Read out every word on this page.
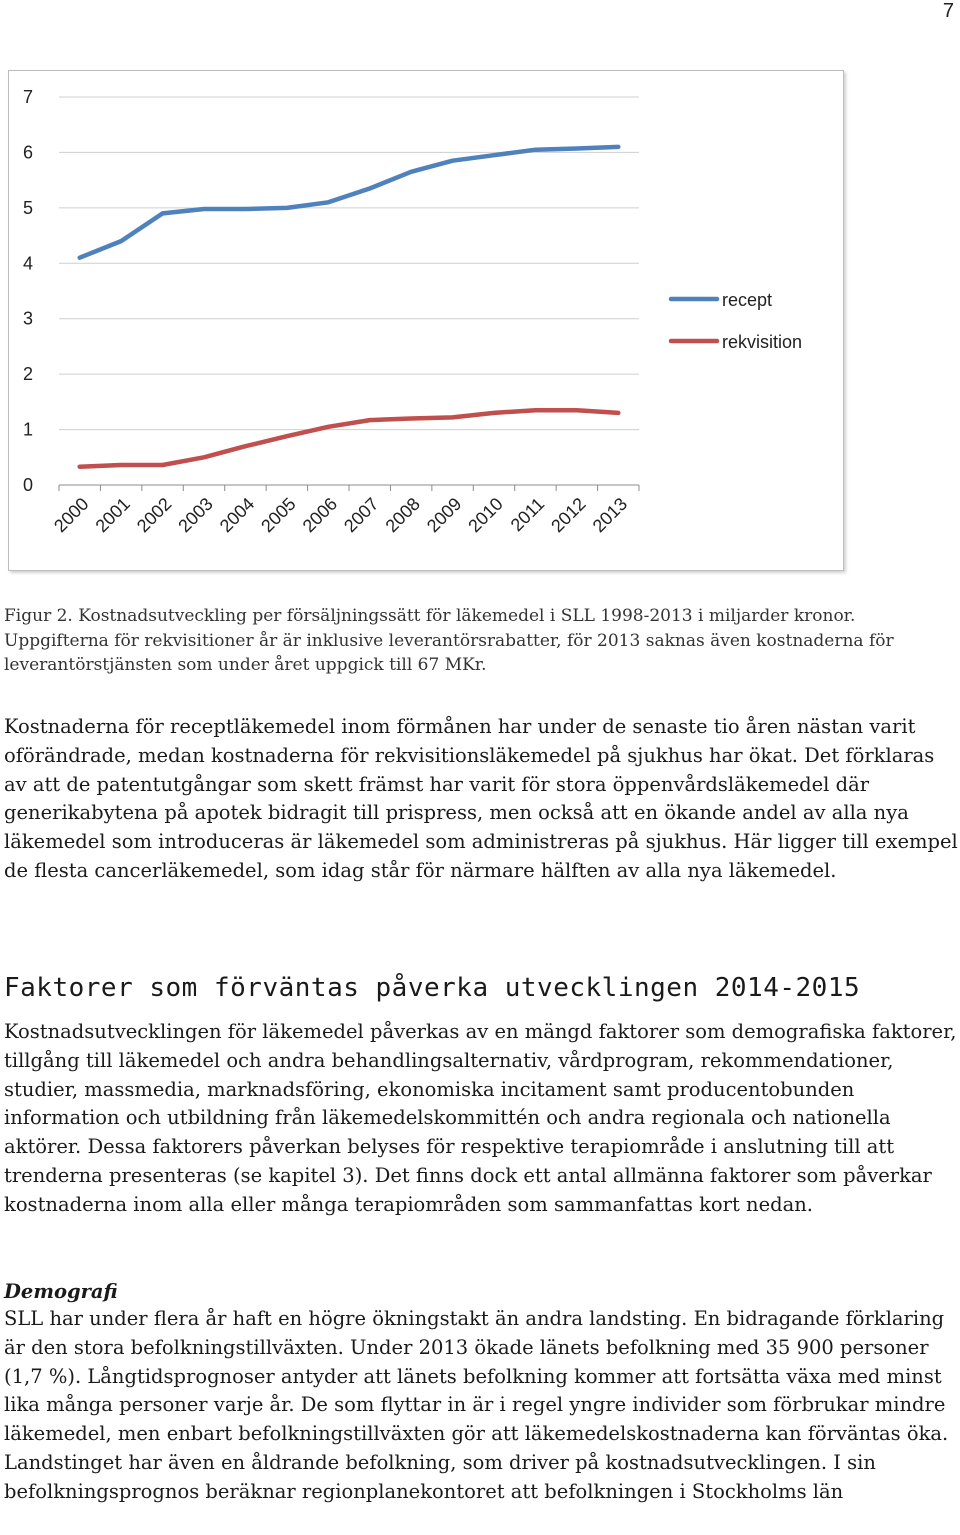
7
0
1
2
3
4
5
6
7
2000
2001
2002
2003
2004
2005
2006
2007
2008
2009
2010 2011
2012
2013
recept
rekvisition

Figur 2. Kostnadsutveckling per försäljningssätt för läkemedel i SLL 1998-2013 i miljarder kronor. Uppgifterna för rekvisitioner år är inklusive leverantörsrabatter, för 2013 saknas även kostnaderna för leverantörstjänsten som under året uppgick till 67 MKr.

Kostnaderna för receptläkemedel inom förmånen har under de senaste tio åren nästan varit oförändrade, medan kostnaderna för rekvisitionsläkemedel på sjukhus har ökat. Det förklaras av att de patentutgångar som skett främst har varit för stora öppenvårdsläkemedel där generikabytena på apotek bidragit till prispress, men också att en ökande andel av alla nya läkemedel som introduceras är läkemedel som administreras på sjukhus. Här ligger till exempel de flesta cancerläkemedel, som idag står för närmare hälften av alla nya läkemedel.

Faktorer som förväntas påverka utvecklingen 2014-2015

Kostnadsutvecklingen för läkemedel påverkas av en mängd faktorer som demografiska faktorer, tillgång till läkemedel och andra behandlingsalternativ, vårdprogram, rekommendationer, studier, massmedia, marknadsföring, ekonomiska incitament samt producentobunden information och utbildning från läkemedelskommittén och andra regionala och nationella aktörer. Dessa faktorers påverkan belyses för respektive terapiområde i anslutning till att trenderna presenteras (se kapitel 3). Det finns dock ett antal allmänna faktorer som påverkar kostnaderna inom alla eller många terapiområden som sammanfattas kort nedan.

Demografi

SLL har under flera år haft en högre ökningstakt än andra landsting. En bidragande förklaring är den stora befolkningstillväxten. Under 2013 ökade länets befolkning med 35 900 personer (1,7 %). Långtidsprognoser antyder att länets befolkning kommer att fortsätta växa med minst lika många personer varje år. De som flyttar in är i regel yngre individer som förbrukar mindre läkemedel, men enbart befolkningstillväxten gör att läkemedelskostnaderna kan förväntas öka. Landstinget har även en åldrande befolkning, som driver på kostnadsutvecklingen. I sin befolkningsprognos beräknar regionplanekontoret att befolkningen i Stockholms län
